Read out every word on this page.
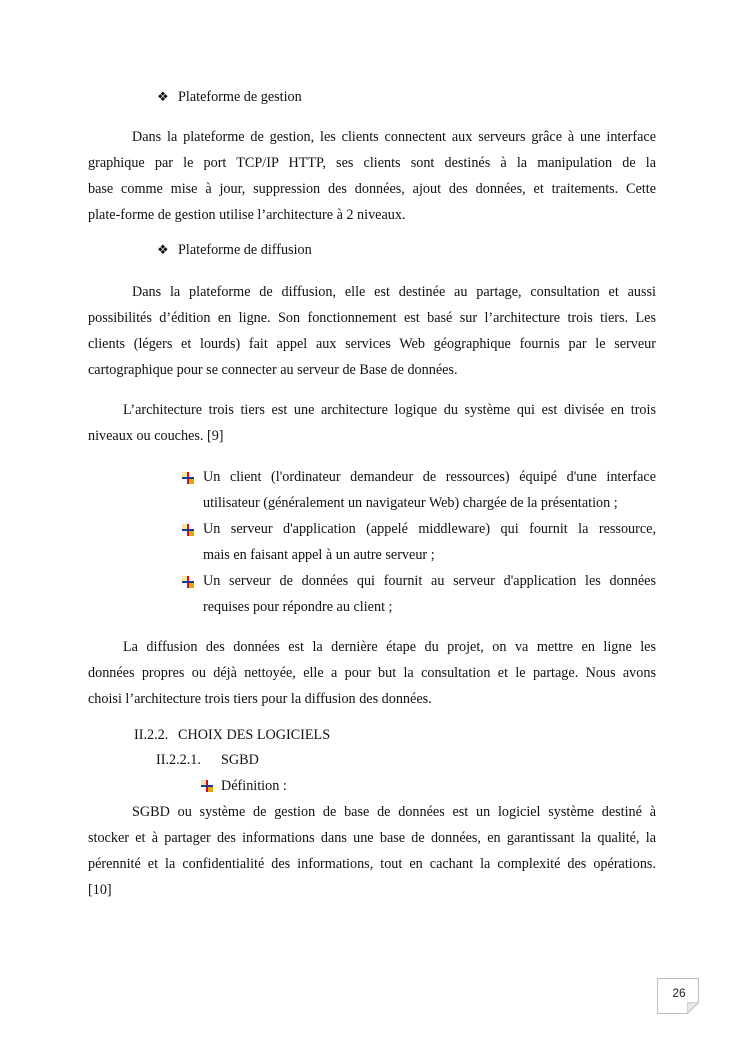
❖ Plateforme de gestion
Dans la plateforme de gestion, les clients connectent aux serveurs grâce à une interface
graphique par le port TCP/IP HTTP, ses clients sont destinés à la manipulation de la
base comme mise à jour, suppression des données, ajout des données, et traitements. Cette
plate-forme de gestion utilise l’architecture à 2 niveaux.
❖ Plateforme de diffusion
Dans la plateforme de diffusion, elle est destinée au partage, consultation et aussi
possibilités d’édition en ligne. Son fonctionnement est basé sur l’architecture trois tiers. Les
clients (légers et lourds) fait appel aux services Web géographique fournis par le serveur
cartographique pour se connecter au serveur de Base de données.
L’architecture trois tiers est une architecture logique du système qui est divisée en trois
niveaux ou couches. [9]
Un client (l'ordinateur demandeur de ressources) équipé d'une interface
utilisateur (généralement un navigateur Web) chargée de la présentation ;
Un serveur d'application (appelé middleware) qui fournit la ressource,
mais en faisant appel à un autre serveur ;
Un serveur de données qui fournit au serveur d'application les données
requises pour répondre au client ;
La diffusion des données est la dernière étape du projet, on va mettre en ligne les
données propres ou déjà nettoyée, elle a pour but la consultation et le partage. Nous avons
choisi l’architecture trois tiers pour la diffusion des données.
II.2.2. CHOIX DES LOGICIELS
II.2.2.1. SGBD
Définition :
SGBD ou système de gestion de base de données est un logiciel système destiné à
stocker et à partager des informations dans une base de données, en garantissant la qualité, la
pérennité et la confidentialité des informations, tout en cachant la complexité des opérations.
[10]
26
